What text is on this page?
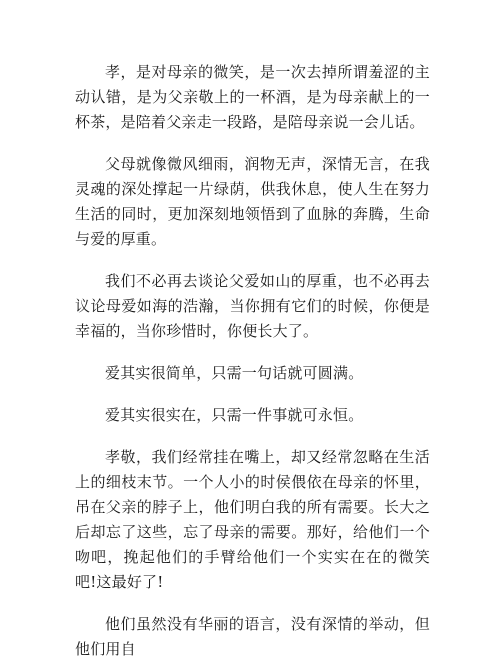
孝，是对母亲的微笑，是一次去掉所谓羞涩的主动认错，是为父亲敬上的一杯酒，是为母亲献上的一杯茶，是陪着父亲走一段路，是陪母亲说一会儿话。

父母就像微风细雨，润物无声，深情无言，在我灵魂的深处撑起一片绿荫，供我休息，使人生在努力生活的同时，更加深刻地领悟到了血脉的奔腾，生命与爱的厚重。

我们不必再去谈论父爱如山的厚重，也不必再去议论母爱如海的浩瀚，当你拥有它们的时候，你便是幸福的，当你珍惜时，你便长大了。

爱其实很简单，只需一句话就可圆满。

爱其实很实在，只需一件事就可永恒。

孝敬，我们经常挂在嘴上，却又经常忽略在生活上的细枝末节。一个人小的时侯偎依在母亲的怀里，吊在父亲的脖子上，他们明白我的所有需要。长大之后却忘了这些，忘了母亲的需要。那好，给他们一个吻吧，挽起他们的手臂给他们一个实实在在的微笑吧!这最好了!

他们虽然没有华丽的语言，没有深情的举动，但他们用自
